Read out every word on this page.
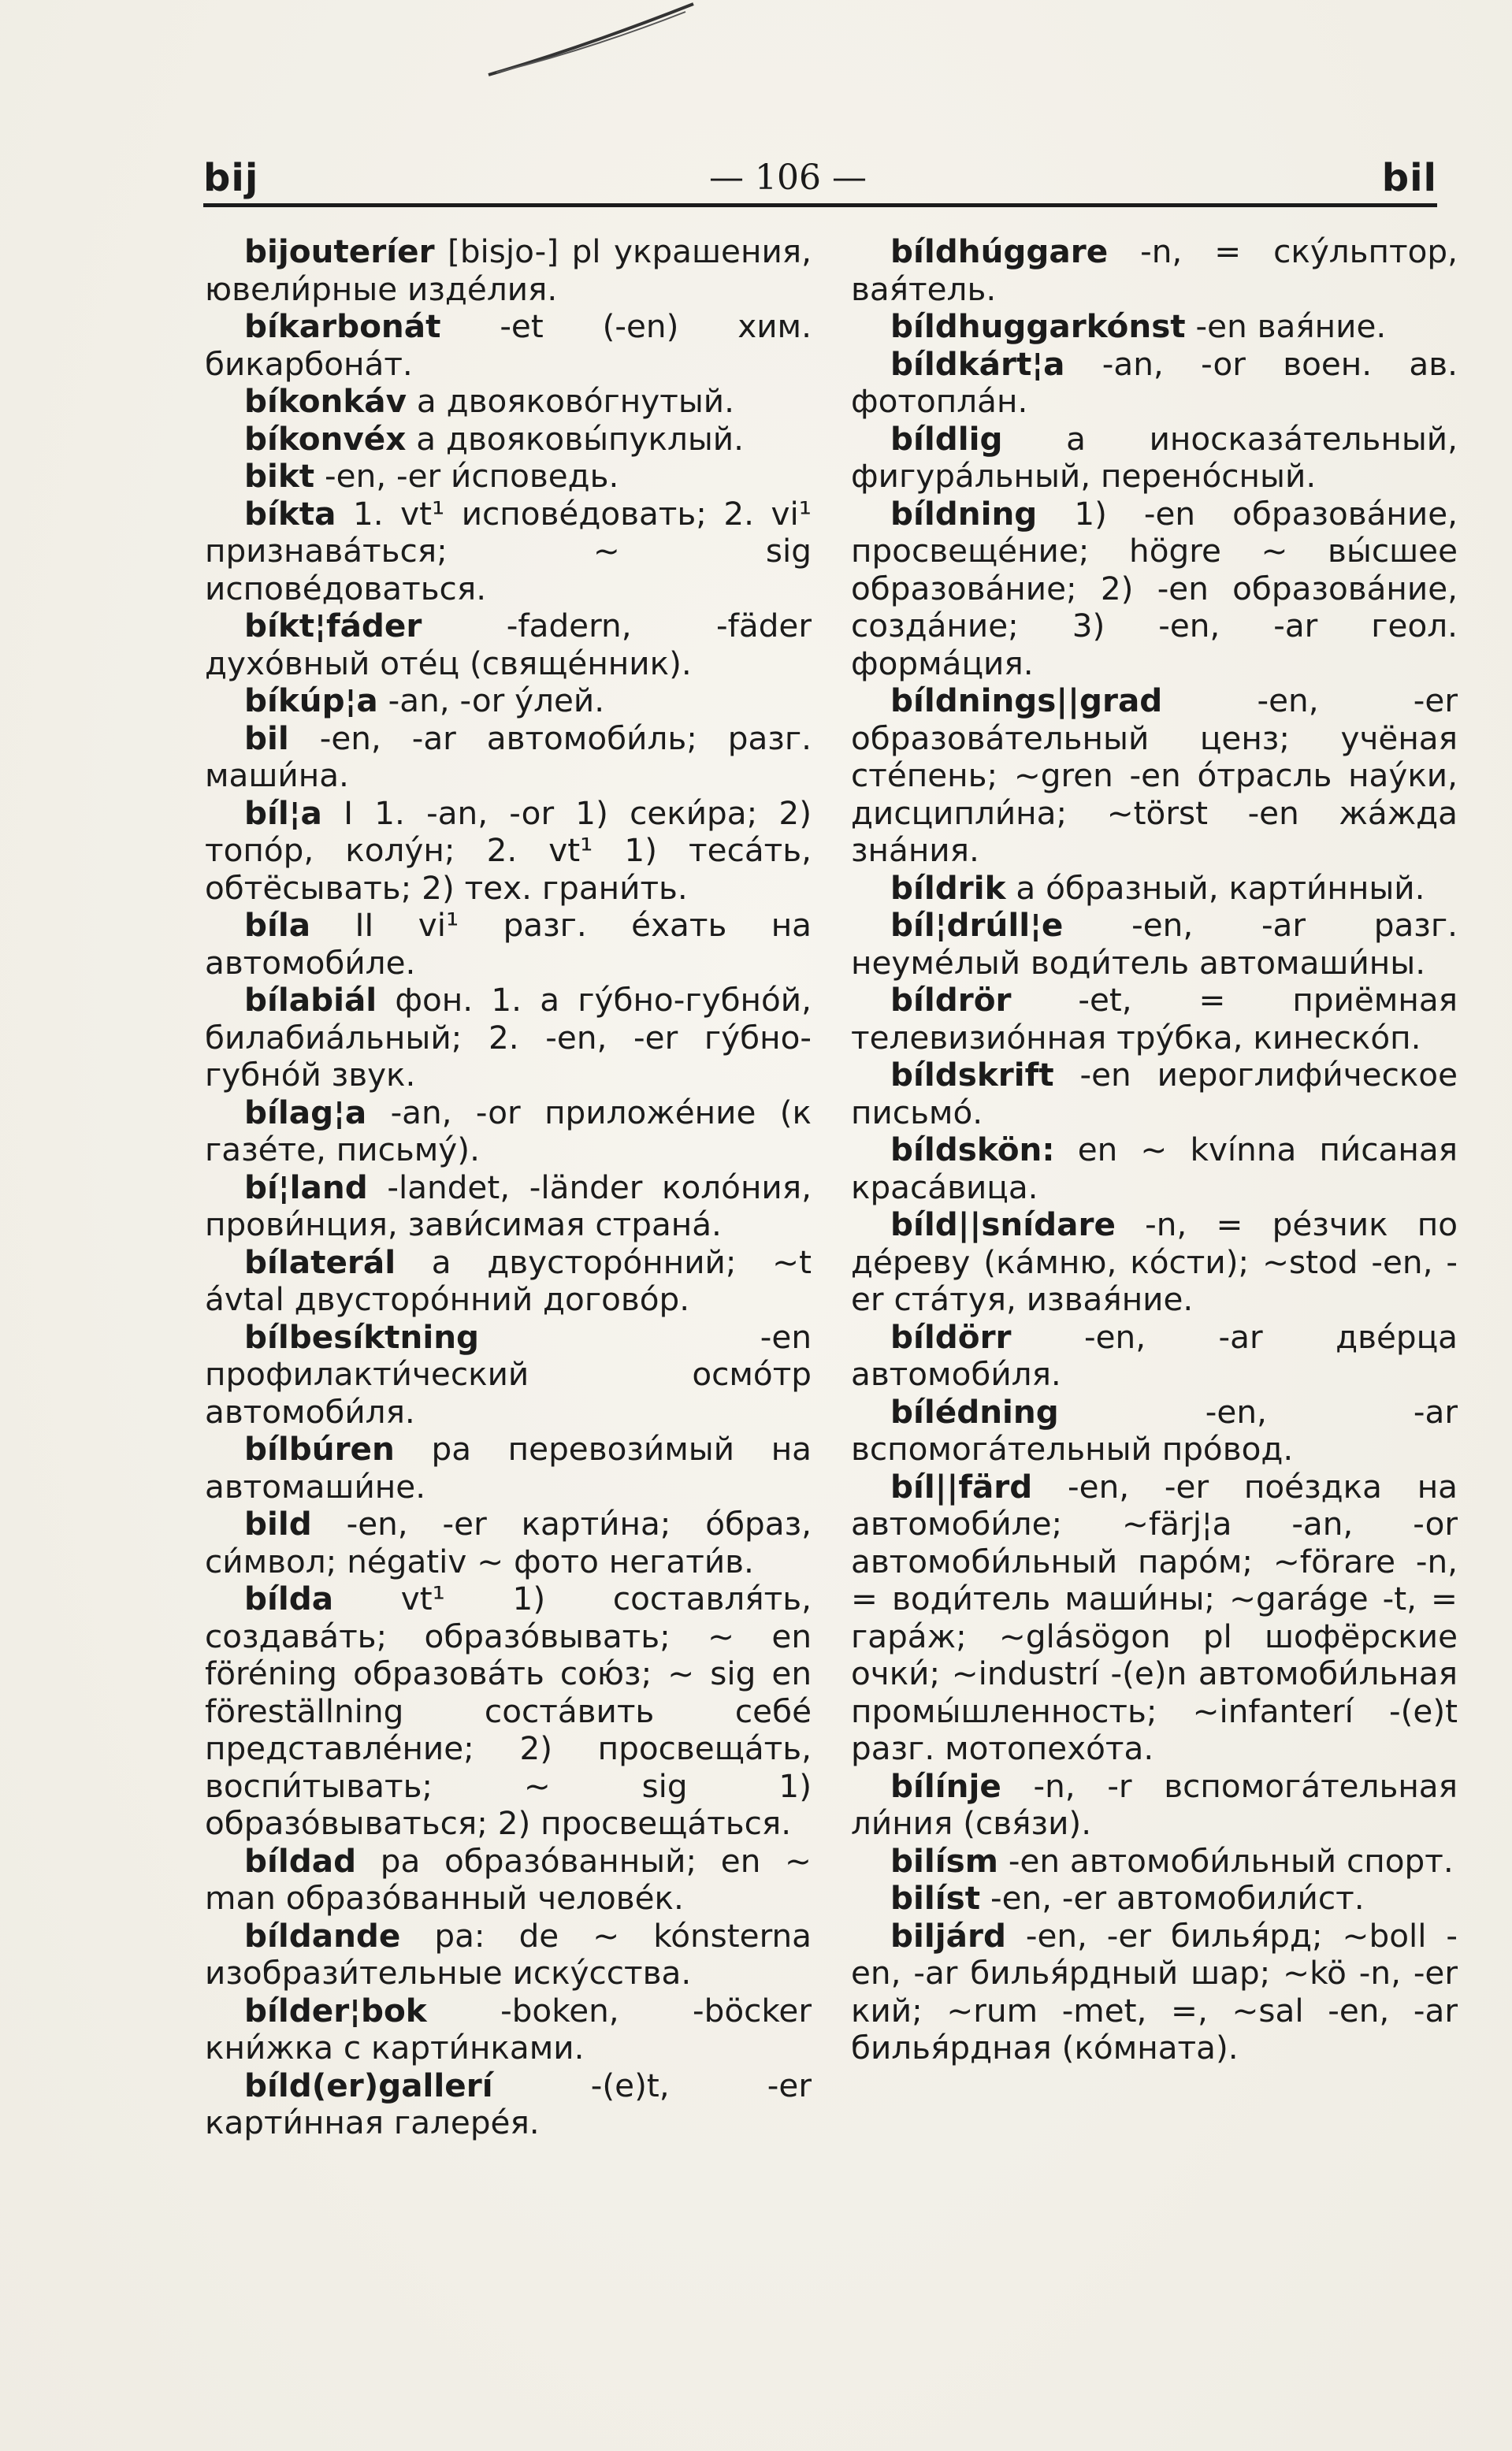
bij	— 106 —	bil

bijouteríer [bisjo-] pl украшения, ювели́рные изде́лия.

bíkarbonát -et (-en) хим. бикарбона́т.

bíkonkáv a двояково́гнутый.

bíkonvéx a двояковы́пуклый.

bikt -en, -er и́споведь.

bíkta 1. vt¹ испове́довать; 2. vi¹ признава́ться; ~ sig испове́доваться.

bíkt¦fáder -fadern, -fäder духо́вный оте́ц (свяще́нник).

bíkúp¦a -an, -or у́лей.

bil -en, -ar автомоби́ль; разг. маши́на.

bíl¦a I 1. -an, -or 1) секи́ра; 2) топо́р, колу́н; 2. vt¹ 1) теса́ть, обтёсывать; 2) тех. грани́ть.

bíla II vi¹ разг. е́хать на автомоби́ле.

bílabiál фон. 1. a гу́бно-губно́й, билабиа́льный; 2. -en, -er гу́бно-губно́й звук.

bílag¦a -an, -or приложе́ние (к газе́те, письму́).

bí¦land -landet, -länder коло́ния, прови́нция, зави́симая страна́.

bílaterál a двусторо́нний; ~t ávtal двусторо́нний догово́р.

bílbesíktning -en профилакти́ческий осмо́тр автомоби́ля.

bílbúren pa перевози́мый на автомаши́не.

bild -en, -er карти́на; о́браз, си́мвол; négativ ~ фото негати́в.

bílda vt¹ 1) составля́ть, создава́ть; образо́вывать; ~ en föréning образова́ть сою́з; ~ sig en föreställning соста́вить себе́ представле́ние; 2) просвеща́ть, воспи́тывать; ~ sig 1) образо́вываться; 2) просвеща́ться.

bíldad pa образо́ванный; en ~ man образо́ванный челове́к.

bíldande pa: de ~ kónsterna изобрази́тельные иску́сства.

bílder¦bok -boken, -böcker кни́жка с карти́нками.

bíld(er)gallerí -(e)t, -er карти́нная галере́я.

bíldhúggare -n, = ску́льптор, вая́тель.

bíldhuggarkónst -en вая́ние.

bíldkárt¦a -an, -or воен. ав. фотопла́н.

bíldlig a иносказа́тельный, фигура́льный, перено́сный.

bíldning 1) -en образова́ние, просвеще́ние; högre ~ вы́сшее образова́ние; 2) -en образова́ние, созда́ние; 3) -en, -ar геол. форма́ция.

bíldnings||grad -en, -er образова́тельный ценз; учёная сте́пень; ~gren -en о́трасль нау́ки, дисципли́на; ~törst -en жа́жда зна́ния.

bíldrik a о́бразный, карти́нный.

bíl¦drúll¦e -en, -ar разг. неуме́лый води́тель автомаши́ны.

bíldrör -et, = приёмная телевизио́нная тру́бка, кинеско́п.

bíldskrift -en иероглифи́ческое письмо́.

bíldskön: en ~ kvínna пи́саная краса́вица.

bíld||snídare -n, = ре́зчик по де́реву (ка́мню, ко́сти); ~stod -en, -er ста́туя, извая́ние.

bíldörr -en, -ar две́рца автомоби́ля.

bílédning -en, -ar вспомога́тельный про́вод.

bíl||färd -en, -er пое́здка на автомоби́ле; ~färj¦a -an, -or автомоби́льный паро́м; ~förare -n, = води́тель маши́ны; ~garáge -t, = гара́ж; ~glásögon pl шофёрские очки́; ~industrí -(e)n автомоби́льная промы́шленность; ~infanterí -(e)t разг. мотопехо́та.

bílínje -n, -r вспомога́тельная ли́ния (свя́зи).

bilísm -en автомоби́льный спорт.

bilíst -en, -er автомобили́ст.

biljárd -en, -er билья́рд; ~boll -en, -ar билья́рдный шар; ~kö -n, -er кий; ~rum -met, =, ~sal -en, -ar билья́рдная (ко́мната).
